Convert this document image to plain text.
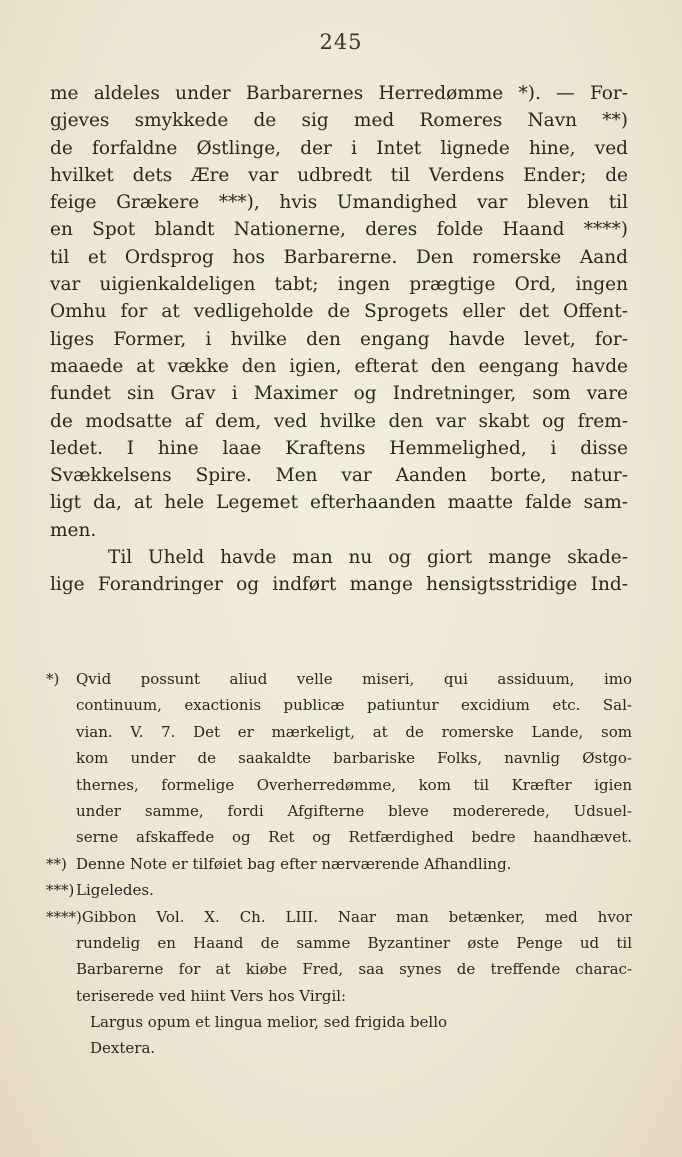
245
me aldeles under Barbarernes Herredømme *). — For-
gjeves smykkede de sig med Romeres Navn **)
de forfaldne Østlinge, der i Intet lignede hine, ved
hvilket dets Ære var udbredt til Verdens Ender; de
feige Grækere ***), hvis Umandighed var bleven til
en Spot blandt Nationerne, deres folde Haand ****)
til et Ordsprog hos Barbarerne. Den romerske Aand
var uigienkaldeligen tabt; ingen prægtige Ord, ingen
Omhu for at vedligeholde de Sprogets eller det Offent-
liges Former, i hvilke den engang havde levet, for-
maaede at vække den igien, efterat den eengang havde
fundet sin Grav i Maximer og Indretninger, som vare
de modsatte af dem, ved hvilke den var skabt og frem-
ledet. I hine laae Kraftens Hemmelighed, i disse
Svækkelsens Spire. Men var Aanden borte, natur-
ligt da, at hele Legemet efterhaanden maatte falde sam-
men.
Til Uheld havde man nu og giort mange skade-
lige Forandringer og indført mange hensigtsstridige Ind-
*) Qvid possunt aliud velle miseri, qui assiduum, imo
continuum, exactionis publicæ patiuntur excidium etc. Sal-
vian. V. 7. Det er mærkeligt, at de romerske Lande, som
kom under de saakaldte barbariske Folks, navnlig Østgo-
thernes, formelige Overherredømme, kom til Kræfter igien
under samme, fordi Afgifterne bleve modererede, Udsuel-
serne afskaffede og Ret og Retfærdighed bedre haandhævet.
**) Denne Note er tilføiet bag efter nærværende Afhandling.
***) Ligeledes.
****)Gibbon Vol. X. Ch. LIII. Naar man betænker, med hvor
rundelig en Haand de samme Byzantiner øste Penge ud til
Barbarerne for at kiøbe Fred, saa synes de treffende charac-
teriserede ved hiint Vers hos Virgil:
Largus opum et lingua melior, sed frigida bello
Dextera.
